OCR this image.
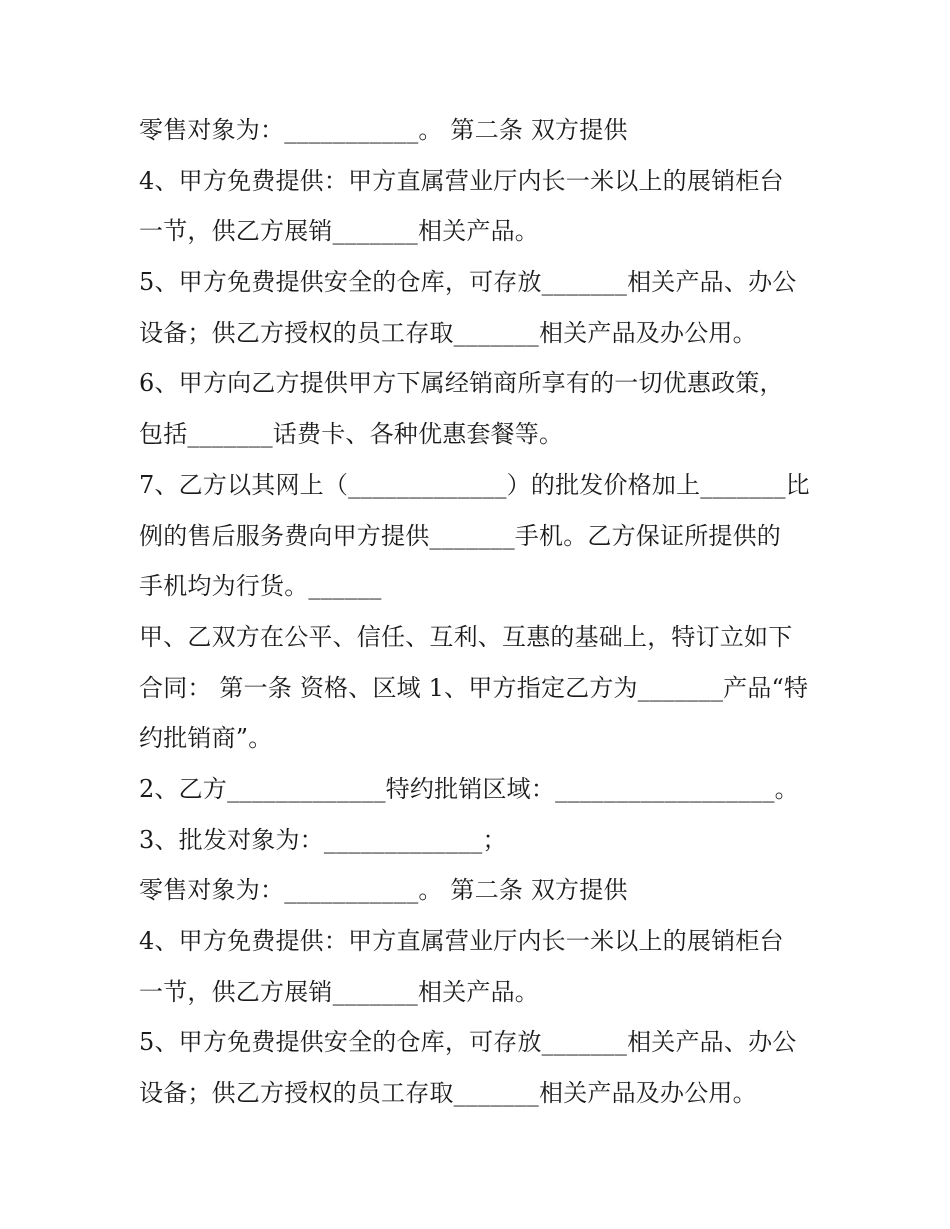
零售对象为：___________。 第二条 双方提供
4、甲方免费提供：甲方直属营业厅内长一米以上的展销柜台
一节，供乙方展销_______相关产品。
5、甲方免费提供安全的仓库，可存放_______相关产品、办公
设备；供乙方授权的员工存取_______相关产品及办公用。
6、甲方向乙方提供甲方下属经销商所享有的一切优惠政策，
包括_______话费卡、各种优惠套餐等。
7、乙方以其网上（_____________）的批发价格加上_______比
例的售后服务费向甲方提供_______手机。乙方保证所提供的
手机均为行货。______
甲、乙双方在公平、信任、互利、互惠的基础上，特订立如下
合同： 第一条 资格、区域 1、甲方指定乙方为_______产品“特
约批销商”。
2、乙方_____________特约批销区域：__________________。
3、批发对象为：_____________；
零售对象为：___________。 第二条 双方提供
4、甲方免费提供：甲方直属营业厅内长一米以上的展销柜台
一节，供乙方展销_______相关产品。
5、甲方免费提供安全的仓库，可存放_______相关产品、办公
设备；供乙方授权的员工存取_______相关产品及办公用。
